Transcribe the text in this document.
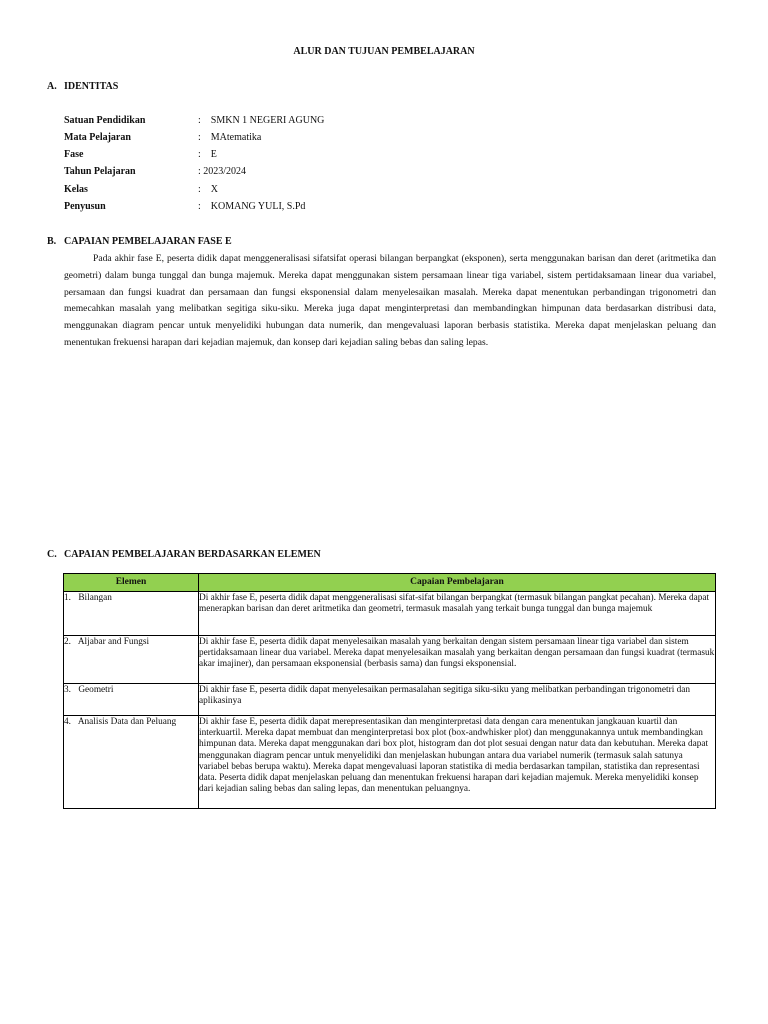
ALUR DAN TUJUAN PEMBELAJARAN
A. IDENTITAS
Satuan Pendidikan	:    SMKN 1 NEGERI AGUNG
Mata Pelajaran	:    MAtematika
Fase	:    E
Tahun Pelajaran	: 2023/2024
Kelas	:    X
Penyusun	:    KOMANG YULI, S.Pd
B. CAPAIAN PEMBELAJARAN FASE E
Pada akhir fase E, peserta didik dapat menggeneralisasi sifatsifat operasi bilangan berpangkat (eksponen), serta menggunakan barisan dan deret (aritmetika dan geometri) dalam bunga tunggal dan bunga majemuk. Mereka dapat menggunakan sistem persamaan linear tiga variabel, sistem pertidaksamaan linear dua variabel, persamaan dan fungsi kuadrat dan persamaan dan fungsi eksponensial dalam menyelesaikan masalah. Mereka dapat menentukan perbandingan trigonometri dan memecahkan masalah yang melibatkan segitiga siku-siku. Mereka juga dapat menginterpretasi dan membandingkan himpunan data berdasarkan distribusi data, menggunakan diagram pencar untuk menyelidiki hubungan data numerik, dan mengevaluasi laporan berbasis statistika. Mereka dapat menjelaskan peluang dan menentukan frekuensi harapan dari kejadian majemuk, dan konsep dari kejadian saling bebas dan saling lepas.
C. CAPAIAN PEMBELAJARAN BERDASARKAN ELEMEN
Elemen	Capaian Pembelajaran
1. Bilangan	Di akhir fase E, peserta didik dapat menggeneralisasi sifat-sifat bilangan berpangkat (termasuk bilangan pangkat pecahan). Mereka dapat menerapkan barisan dan deret aritmetika dan geometri, termasuk masalah yang terkait bunga tunggal dan bunga majemuk
2. Aljabar and Fungsi	Di akhir fase E, peserta didik dapat menyelesaikan masalah yang berkaitan dengan sistem persamaan linear tiga variabel dan sistem pertidaksamaan linear dua variabel. Mereka dapat menyelesaikan masalah yang berkaitan dengan persamaan dan fungsi kuadrat (termasuk akar imajiner), dan persamaan eksponensial (berbasis sama) dan fungsi eksponensial.
3. Geometri	Di akhir fase E, peserta didik dapat menyelesaikan permasalahan segitiga siku-siku yang melibatkan perbandingan trigonometri dan aplikasinya
4. Analisis Data dan Peluang	Di akhir fase E, peserta didik dapat merepresentasikan dan menginterpretasi data dengan cara menentukan jangkauan kuartil dan interkuartil. Mereka dapat membuat dan menginterpretasi box plot (box-andwhisker plot) dan menggunakannya untuk membandingkan himpunan data. Mereka dapat menggunakan dari box plot, histogram dan dot plot sesuai dengan natur data dan kebutuhan. Mereka dapat menggunakan diagram pencar untuk menyelidiki dan menjelaskan hubungan antara dua variabel numerik (termasuk salah satunya variabel bebas berupa waktu). Mereka dapat mengevaluasi laporan statistika di media berdasarkan tampilan, statistika dan representasi data. Peserta didik dapat menjelaskan peluang dan menentukan frekuensi harapan dari kejadian majemuk. Mereka menyelidiki konsep dari kejadian saling bebas dan saling lepas, dan menentukan peluangnya.
